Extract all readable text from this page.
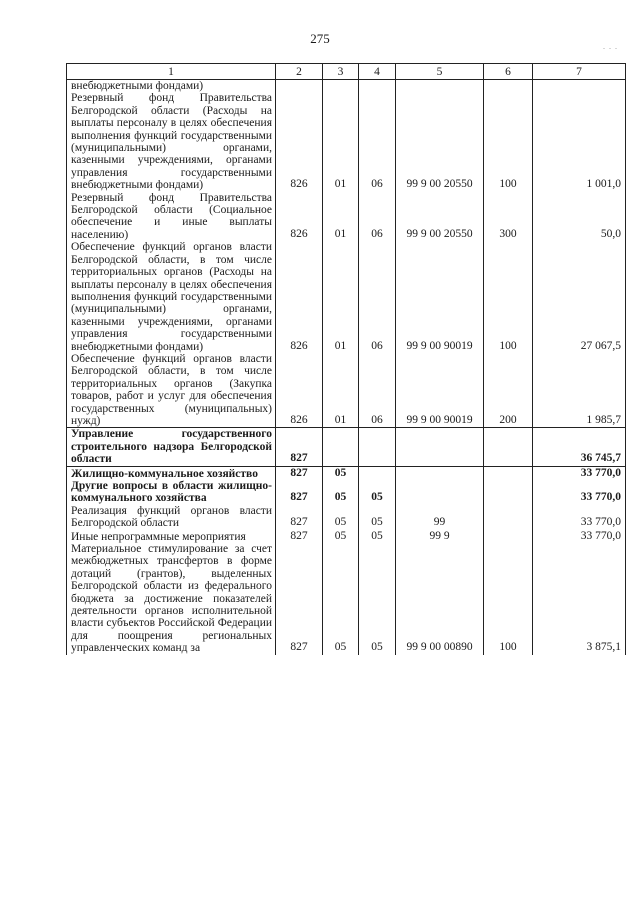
275
. . .
1	2	3	4	5	6	7
внебюджетными фондами)						
Резервный фонд Правительства Белгородской области (Расходы на выплаты персоналу в целях обеспечения выполнения функций государственными (муниципальными) органами, казенными учреждениями, органами управления государственными внебюджетными фондами)	826	01	06	99 9 00 20550	100	1 001,0
Резервный фонд Правительства Белгородской области (Социальное обеспечение и иные выплаты населению)	826	01	06	99 9 00 20550	300	50,0
Обеспечение функций органов власти Белгородской области, в том числе территориальных органов (Расходы на выплаты персоналу в целях обеспечения выполнения функций государственными (муниципальными) органами, казенными учреждениями, органами управления государственными внебюджетными фондами)	826	01	06	99 9 00 90019	100	27 067,5
Обеспечение функций органов власти Белгородской области, в том числе территориальных органов (Закупка товаров, работ и услуг для обеспечения государственных (муниципальных) нужд)	826	01	06	99 9 00 90019	200	1 985,7
Управление государственного строительного надзора Белгородской области	827					36 745,7
Жилищно-коммунальное хозяйство	827	05				33 770,0
Другие вопросы в области жилищно-коммунального хозяйства	827	05	05			33 770,0
Реализация функций органов власти Белгородской области	827	05	05	99		33 770,0
Иные непрограммные мероприятия	827	05	05	99 9		33 770,0
Материальное стимулирование за счет межбюджетных трансфертов в форме дотаций (грантов), выделенных Белгородской области из федерального бюджета за достижение показателей деятельности органов исполнительной власти субъектов Российской Федерации для поощрения региональных управленческих команд за	827	05	05	99 9 00 00890	100	3 875,1
